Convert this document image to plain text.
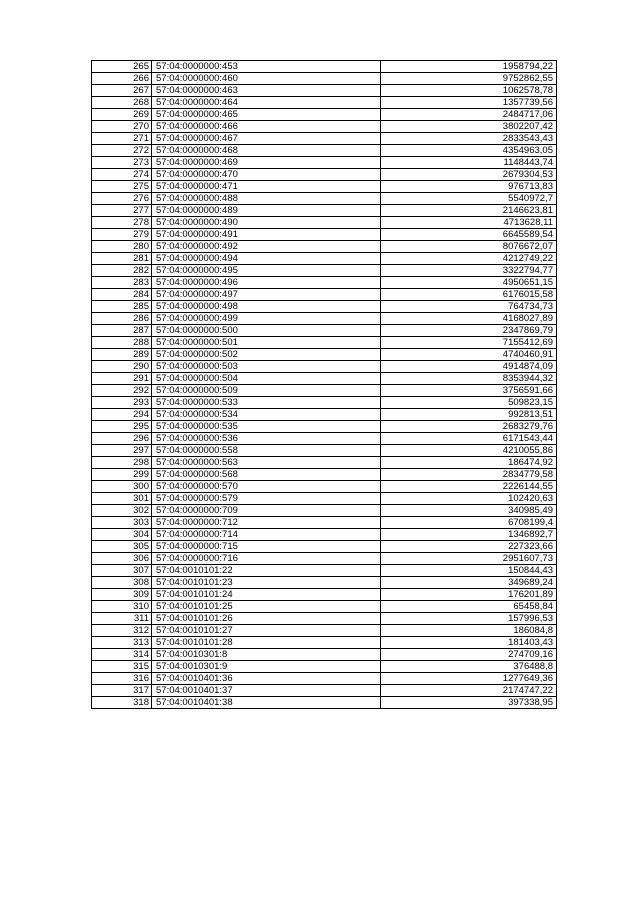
265	57:04:0000000:453	1958794,22
266	57:04:0000000:460	9752862,55
267	57:04:0000000:463	1062578,78
268	57:04:0000000:464	1357739,56
269	57:04:0000000:465	2484717,06
270	57:04:0000000:466	3802207,42
271	57:04:0000000:467	2833543,43
272	57:04:0000000:468	4354963,05
273	57:04:0000000:469	1148443,74
274	57:04:0000000:470	2679304,53
275	57:04:0000000:471	976713,83
276	57:04:0000000:488	5540972,7
277	57:04:0000000:489	2146623,81
278	57:04:0000000:490	4713628,11
279	57:04:0000000:491	6645589,54
280	57:04:0000000:492	8076672,07
281	57:04:0000000:494	4212749,22
282	57:04:0000000:495	3322794,77
283	57:04:0000000:496	4950651,15
284	57:04:0000000:497	6176015,58
285	57:04:0000000:498	764734,73
286	57:04:0000000:499	4168027,89
287	57:04:0000000:500	2347869,79
288	57:04:0000000:501	7155412,69
289	57:04:0000000:502	4740460,91
290	57:04:0000000:503	4914874,09
291	57:04:0000000:504	8353944,32
292	57:04:0000000:509	3756591,66
293	57:04:0000000:533	509823,15
294	57:04:0000000:534	992813,51
295	57:04:0000000:535	2683279,76
296	57:04:0000000:536	6171543,44
297	57:04:0000000:558	4210055,86
298	57:04:0000000:563	186474,92
299	57:04:0000000:568	2834779,58
300	57:04:0000000:570	2226144,55
301	57:04:0000000:579	102420,63
302	57:04:0000000:709	340985,49
303	57:04:0000000:712	6708199,4
304	57:04:0000000:714	1346892,7
305	57:04:0000000:715	227323,66
306	57:04:0000000:716	2951607,73
307	57:04:0010101:22	150844,43
308	57:04:0010101:23	349689,24
309	57:04:0010101:24	176201,89
310	57:04:0010101:25	65458,84
311	57:04:0010101:26	157996,53
312	57:04:0010101:27	186084,8
313	57:04:0010101:28	181403,43
314	57:04:0010301:8	274709,16
315	57:04:0010301:9	376488,8
316	57:04:0010401:36	1277649,36
317	57:04:0010401:37	2174747,22
318	57:04:0010401:38	397338,95
